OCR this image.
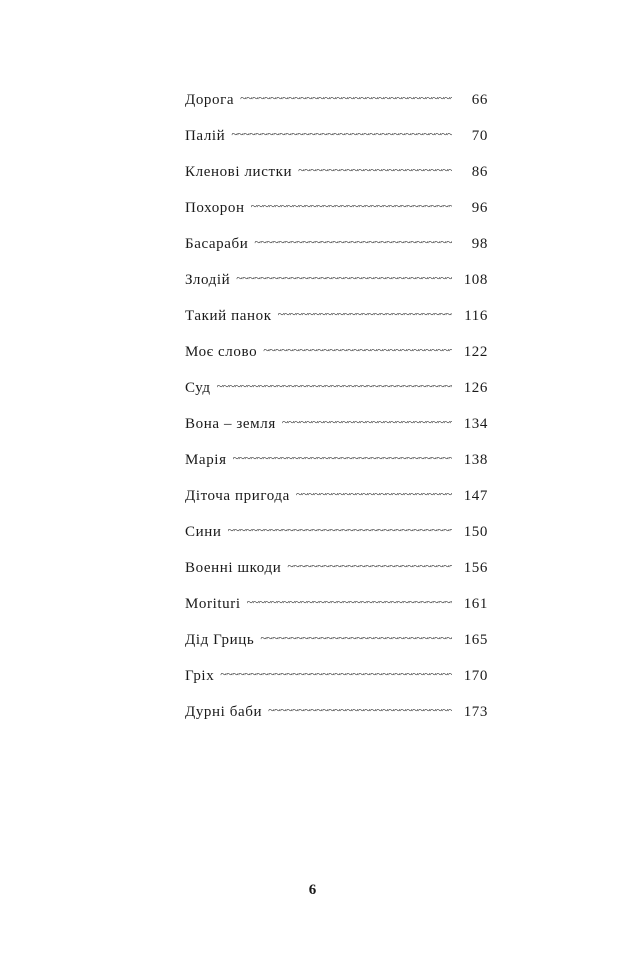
Дорога ~~~~~	66
Палій ~~~~~	70
Кленові листки ~~~~~	86
Похорон ~~~~~	96
Басараби ~~~~~	98
Злодій ~~~~~	108
Такий панок ~~~~~	116
Моє слово ~~~~~	122
Суд ~~~~~	126
Вона – земля ~~~~~	134
Марія ~~~~~	138
Діточа пригода ~~~~~	147
Сини ~~~~~	150
Военні шкоди ~~~~~	156
Morituri ~~~~~	161
Дід Гриць ~~~~~	165
Гріх ~~~~~	170
Дурні баби ~~~~~	173
6
